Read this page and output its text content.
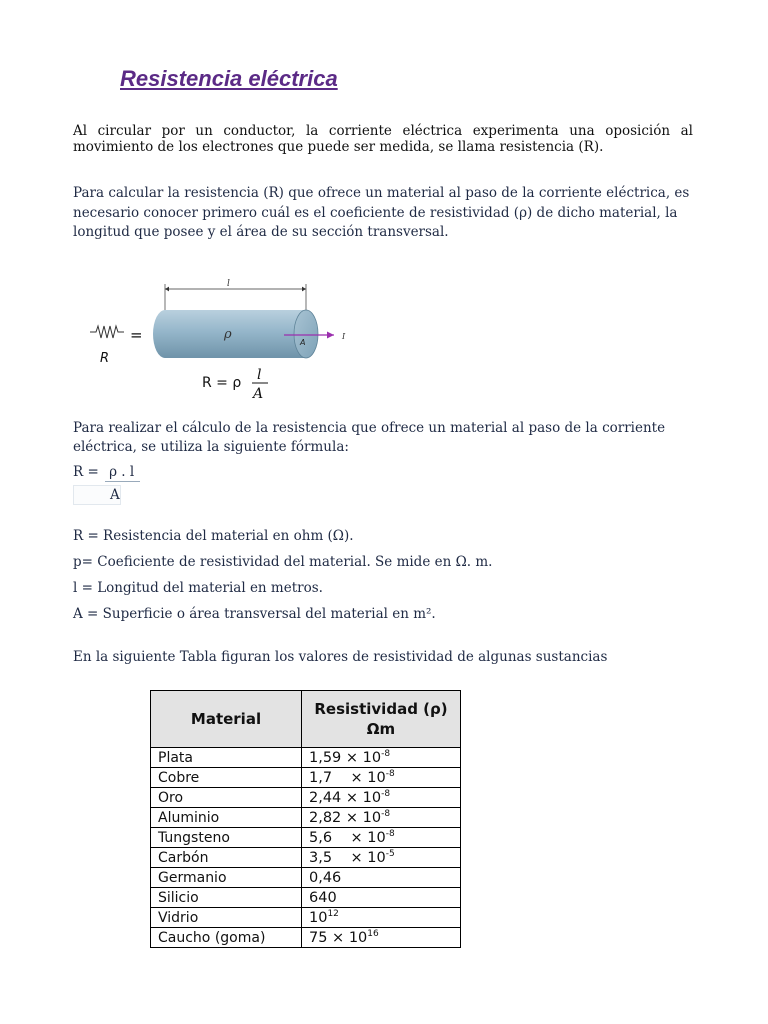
Resistencia eléctrica

Al circular por un conductor, la corriente eléctrica experimenta una oposición al movimiento de los electrones que puede ser medida, se llama resistencia (R).

Para calcular la resistencia (R) que ofrece un material al paso de la corriente eléctrica, es necesario conocer primero cuál es el coeficiente de resistividad (ρ) de dicho material, la longitud que posee y el área de su sección transversal.

l
R
=	ρ
A
I
R = ρ l
A

Para realizar el cálculo de la resistencia que ofrece un material al paso de la corriente eléctrica, se utiliza la siguiente fórmula:

R = ρ . l
A

R = Resistencia del material en ohm (Ω).

p= Coeficiente de resistividad del material. Se mide en Ω. m.

l = Longitud del material en metros.

A = Superficie o área transversal del material en m².

En la siguiente Tabla figuran los valores de resistividad de algunas sustancias

Material	Resistividad (ρ)
Ωm

Plata	$1,59 \times 10^{-8}$
Cobre	1,7    × $10^{-8}$
Oro	$2,44 \times 10^{-8}$
Aluminio	$2,82 \times 10^{-8}$
Tungsteno	5,6    × $10^{-8}$
Carbón	3,5    × $10^{-5}$
Germanio	0,46
Silicio	640
Vidrio	$10^{12}$
Caucho (goma)	$75 \times 10^{16}$
